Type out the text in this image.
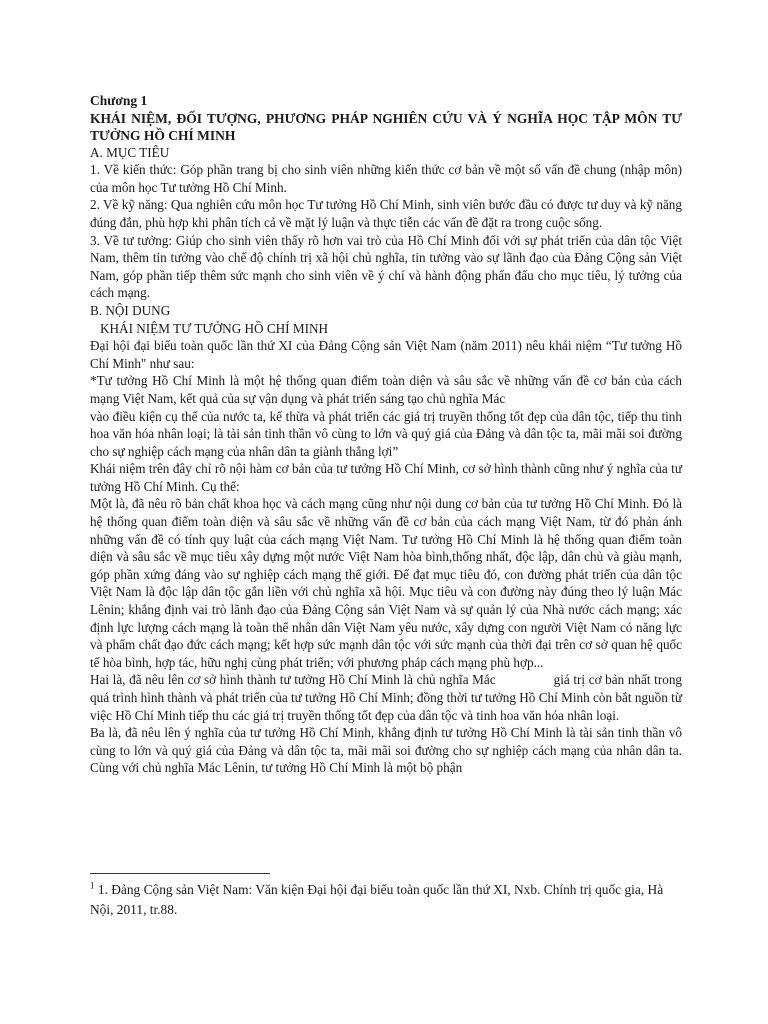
Chương 1

KHÁI NIỆM, ĐỐI TƯỢNG, PHƯƠNG PHÁP NGHIÊN CỨU VÀ Ý NGHĨA HỌC TẬP MÔN TƯ TƯỞNG HỒ CHÍ MINH

A. MỤC TIÊU

1. Về kiến thức: Góp phần trang bị cho sinh viên những kiến thức cơ bản về một số vấn đề chung (nhập môn) của môn học Tư tưởng Hồ Chí Minh.

2. Về kỹ năng: Qua nghiên cứu môn học Tư tưởng Hồ Chí Minh, sinh viên bước đầu có được tư duy và kỹ năng đúng đắn, phù hợp khi phân tích cả về mặt lý luận và thực tiễn các vấn đề đặt ra trong cuộc sống.

3. Về tư tưởng: Giúp cho sinh viên thấy rõ hơn vai trò của Hồ Chí Minh đối với sự phát triển của dân tộc Việt Nam, thêm tin tưởng vào chế độ chính trị xã hội chủ nghĩa, tin tưởng vào sự lãnh đạo của Đảng Cộng sản Việt Nam, góp phần tiếp thêm sức mạnh cho sinh viên về ý chí và hành động phấn đấu cho mục tiêu, lý tưởng của cách mạng.

B. NỘI DUNG

KHÁI NIỆM TƯ TƯỞNG HỒ CHÍ MINH

Đại hội đại biểu toàn quốc lần thứ XI của Đảng Cộng sản Việt Nam (năm 2011) nêu khái niệm “Tư tưởng Hồ Chí Minh" như sau:

*Tư tưởng Hồ Chí Minh là một hệ thống quan điểm toàn diện và sâu sắc về những vấn đề cơ bản của cách mạng Việt Nam, kết quả của sự vận dụng và phát triển sáng tạo chủ nghĩa Mác

vào điều kiện cụ thể của nước ta, kế thừa và phát triển các giá trị truyền thống tốt đẹp của dân tộc, tiếp thu tinh hoa văn hóa nhân loại; là tài sản tinh thần vô cùng to lớn và quý giá của Đảng và dân tộc ta, mãi mãi soi đường cho sự nghiệp cách mạng của nhân dân ta giành thắng lợi”

Khái niệm trên đây chỉ rõ nội hàm cơ bản của tư tưởng Hồ Chí Minh, cơ sở hình thành cũng như ý nghĩa của tư tưởng Hồ Chí Minh. Cụ thể:

Một là, đã nêu rõ bản chất khoa học và cách mạng cũng như nội dung cơ bản của tư tưởng Hồ Chí Minh. Đó là hệ thống quan điểm toàn diện và sâu sắc về những vấn đề cơ bản của cách mạng Việt Nam, từ đó phản ánh những vấn đề có tính quy luật của cách mạng Việt Nam. Tư tưởng Hồ Chí Minh là hệ thống quan điểm toàn diện và sâu sắc về mục tiêu xây dựng một nước Việt Nam hòa bình,thống nhất, độc lập, dân chủ và giàu mạnh, góp phần xứng đáng vào sự nghiệp cách mạng thế giới. Để đạt mục tiêu đó, con đường phát triển của dân tộc Việt Nam là độc lập dân tộc gắn liền với chủ nghĩa xã hội. Mục tiêu và con đường này đúng theo lý luận Mác Lênin; khẳng định vai trò lãnh đạo của Đảng Cộng sản Việt Nam và sự quản lý của Nhà nước cách mạng; xác định lực lượng cách mạng là toàn thể nhân dân Việt Nam yêu nước, xây dựng con người Việt Nam có năng lực và phẩm chất đạo đức cách mạng; kết hợp sức mạnh dân tộc với sức mạnh của thời đại trên cơ sở quan hệ quốc tế hòa bình, hợp tác, hữu nghị cùng phát triển; với phương pháp cách mạng phù hợp...

Hai là, đã nêu lên cơ sở hình thành tư tưởng Hồ Chí Minh là chủ nghĩa Mác	giá trị cơ bản nhất trong quá trình hình thành và phát triển của tư tưởng Hồ Chí Minh; đồng thời tư tưởng Hồ Chí Minh còn bắt nguồn từ việc Hồ Chí Minh tiếp thu các giá trị truyền thống tốt đẹp của dân tộc và tinh hoa văn hóa nhân loại.

Ba là, đã nêu lên ý nghĩa của tư tưởng Hồ Chí Minh, khẳng định tư tưởng Hồ Chí Minh là tài sản tinh thần vô cùng to lớn và quý giá của Đảng và dân tộc ta, mãi mãi soi đường cho sự nghiệp cách mạng của nhân dân ta. Cùng với chủ nghĩa Mác Lênin, tư tưởng Hồ Chí Minh là một bộ phận

$^1$ 1. Đảng Cộng sản Việt Nam: Văn kiện Đại hội đại biểu toàn quốc lần thứ XI, Nxb. Chính trị quốc gia, Hà Nội, 2011, tr.88.
